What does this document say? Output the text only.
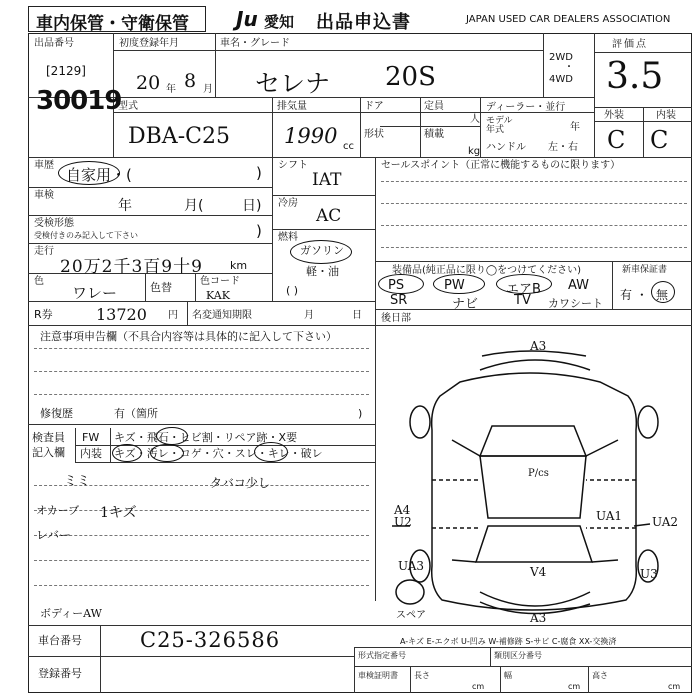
車内保管・守衛保管 Ju 愛知 出品申込書	JAPAN USED CAR DEALERS ASSOCIATION
出品番号
[2129]
30019
初度登録年月
20 年 8 月
車名・グレード
セレナ 20S
2WD
・
4WD
評価点
3.5
外装	内装
C C
型式
DBA-C25
排気量
1990 cc
ドア
形状
定員
人
積載
kg
ディーラー・並行
モデル
年式	年
ハンドル 左・右
車歴
自家用・(	)
車検
年	月(	日)
受検形態
受検付きのみ記入して下さい	)
走行
20万2千3百9十9 km
色
ワレー	色替	色コード
KAK
R券	13720 円 名変通知期限	月	日
シフト
IAT
冷房
AC
燃料
ガソリン
軽・油
( )
セールスポイント（正常に機能するものに限ります）
装備品(純正品に限り◯をつけてください)
PS	PW	エアB AW
SR	ナビ	TV カワシート
新車保証書
有 ・ 無
後日部
注意事項申告欄（不具合内容等は具体的に記入して下さい）
修復歴	有（箇所	)
検査員
記入欄
FW キズ・飛石・ヒビ割・リペア跡・X要
内装 キズ・汚レ・コゲ・穴・スレ・キレ・破レ
ミミ	タバコ少し
オカーブ 1キズ
レバー
ボディーAW
A3
A4
U2	UA1 UA2
U3
UA3	V4
A3
スペア
P/cs
車台番号	C25-326586
登録番号
A-キズ E-エクボ U-凹み W-補修跡 S-サビ C-腐食 XX-交換済
形式指定番号	類別区分番号
車検証明書 長さ
cm
幅
cm
高さ
cm
